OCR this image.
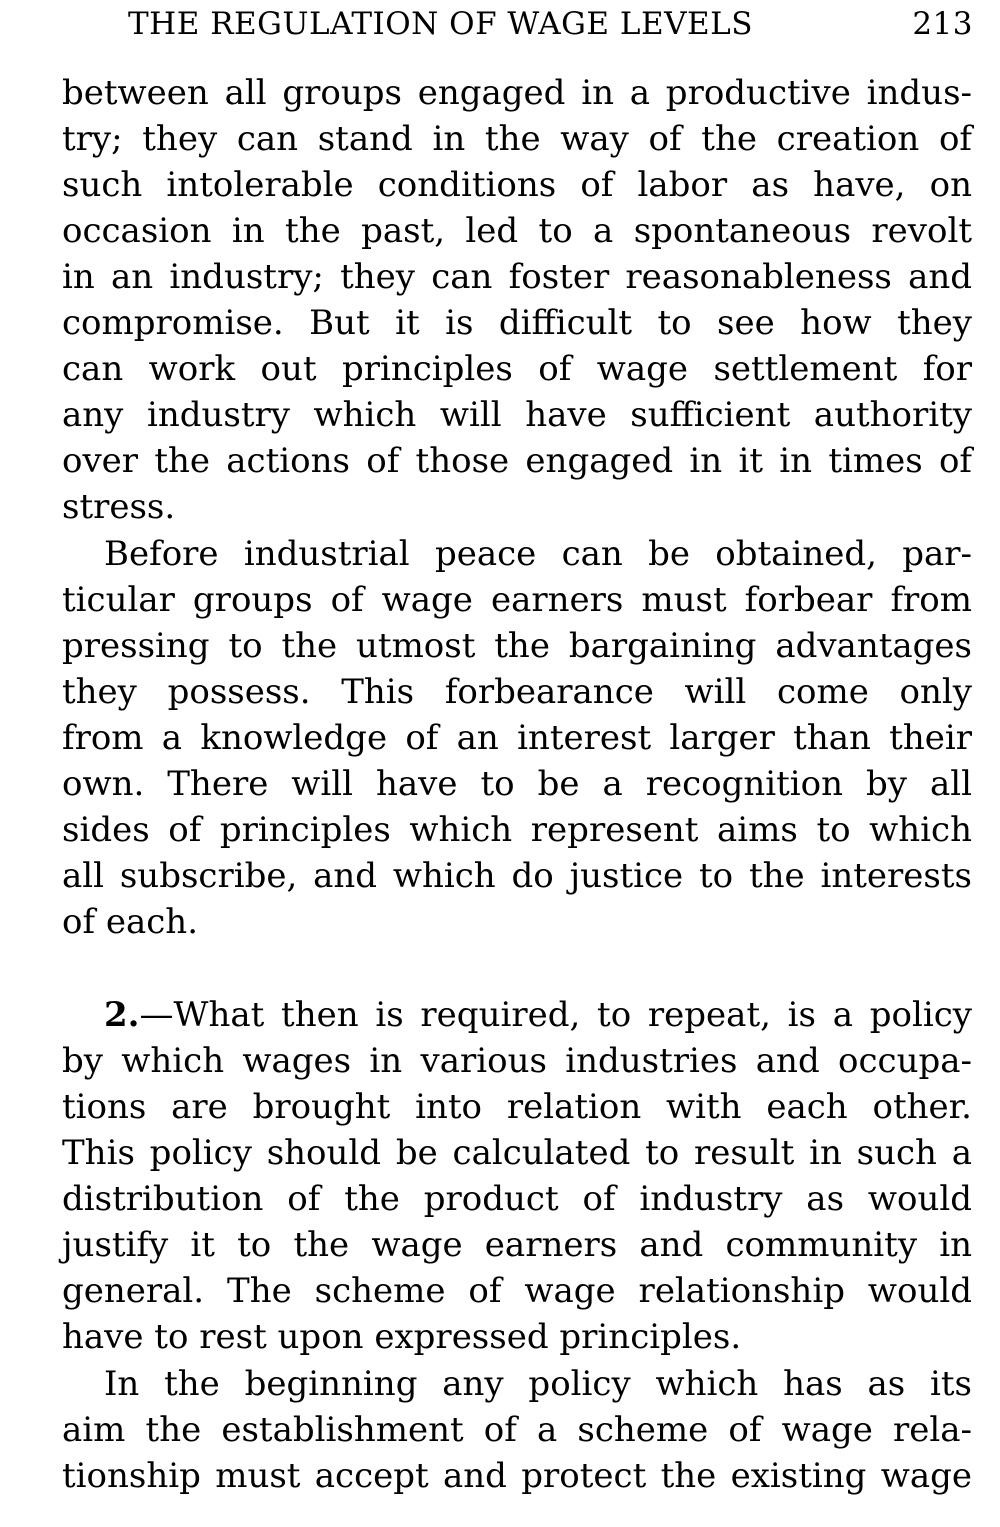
THE REGULATION OF WAGE LEVELS	213
between all groups engaged in a productive indus-
try; they can stand in the way of the creation of
such intolerable conditions of labor as have, on
occasion in the past, led to a spontaneous revolt
in an industry; they can foster reasonableness and
compromise. But it is difficult to see how they
can work out principles of wage settlement for
any industry which will have sufficient authority
over the actions of those engaged in it in times of
stress.
Before industrial peace can be obtained, par-
ticular groups of wage earners must forbear from
pressing to the utmost the bargaining advantages
they possess. This forbearance will come only
from a knowledge of an interest larger than their
own. There will have to be a recognition by all
sides of principles which represent aims to which
all subscribe, and which do justice to the interests
of each.
2.—What then is required, to repeat, is a policy
by which wages in various industries and occupa-
tions are brought into relation with each other.
This policy should be calculated to result in such a
distribution of the product of industry as would
justify it to the wage earners and community in
general. The scheme of wage relationship would
have to rest upon expressed principles.
In the beginning any policy which has as its
aim the establishment of a scheme of wage rela-
tionship must accept and protect the existing wage
